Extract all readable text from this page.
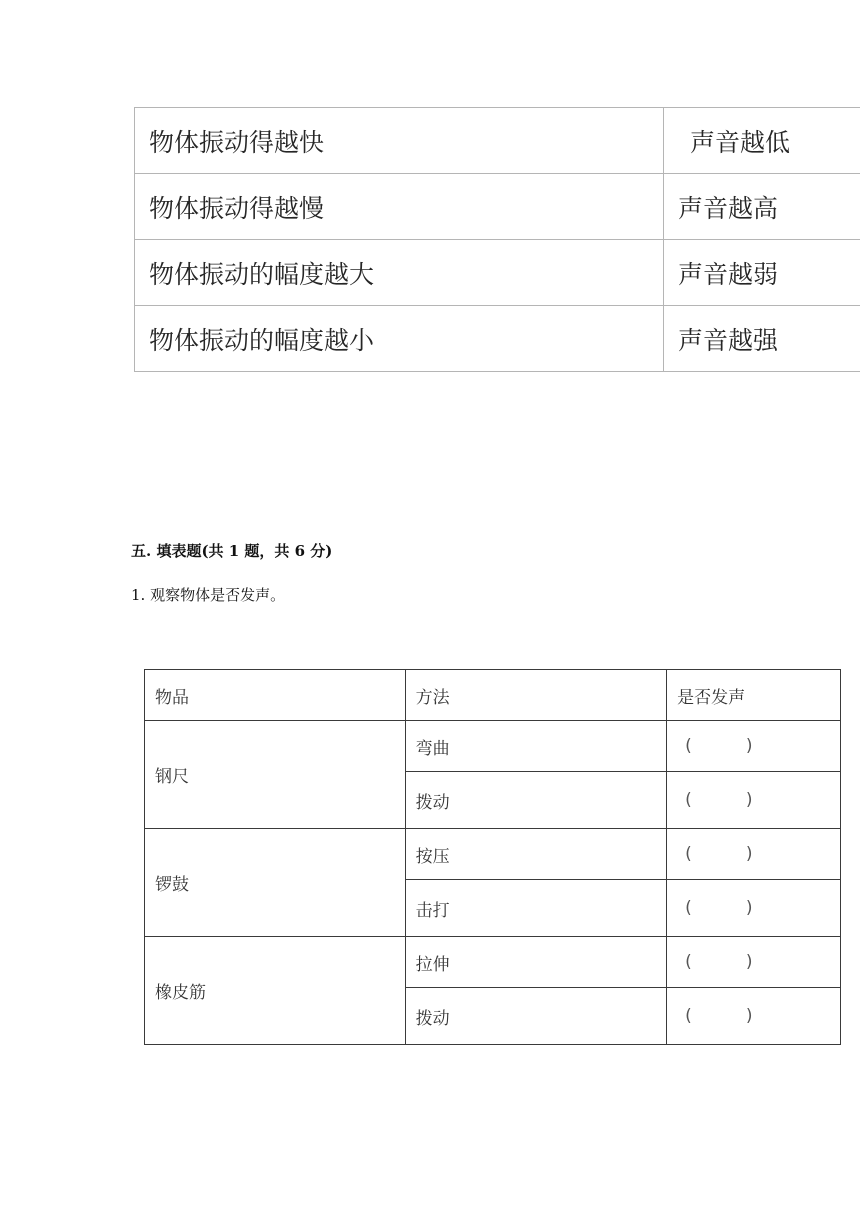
物体振动得越快	声音越低
物体振动得越慢	声音越高
物体振动的幅度越大	声音越弱
物体振动的幅度越小	声音越强
五. 填表题(共 1 题，共 6 分)
1. 观察物体是否发声。
物品	方法	是否发声
钢尺	弯曲	(          )
	拨动	(          )
锣鼓	按压	(          )
	击打	(          )
橡皮筋	拉伸	(          )
	拨动	(          )
